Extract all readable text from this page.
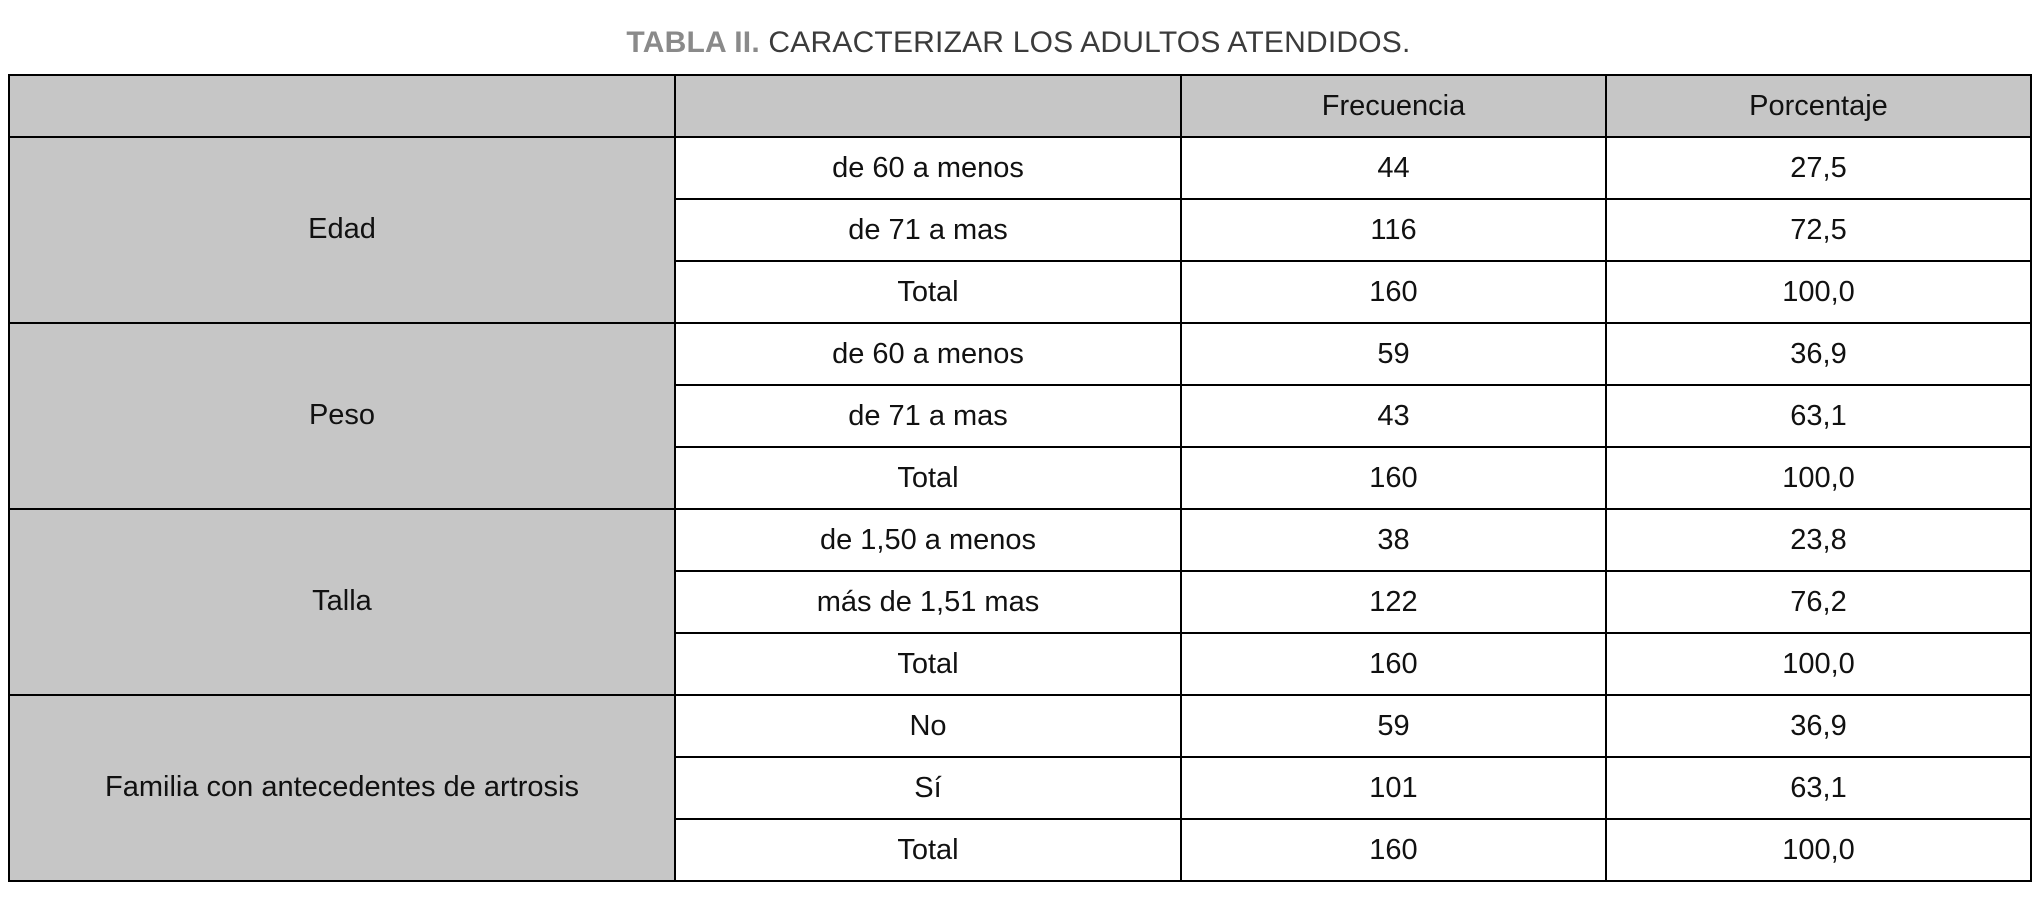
TABLA II. CARACTERIZAR LOS ADULTOS ATENDIDOS.
		Frecuencia	Porcentaje
Edad	de 60 a menos	44	27,5
	de 71 a mas	116	72,5
	Total	160	100,0
Peso	de 60 a menos	59	36,9
	de 71 a mas	43	63,1
	Total	160	100,0
Talla	de 1,50 a menos	38	23,8
	más de 1,51 mas	122	76,2
	Total	160	100,0
Familia con antecedentes de artrosis	No	59	36,9
	Sí	101	63,1
	Total	160	100,0
